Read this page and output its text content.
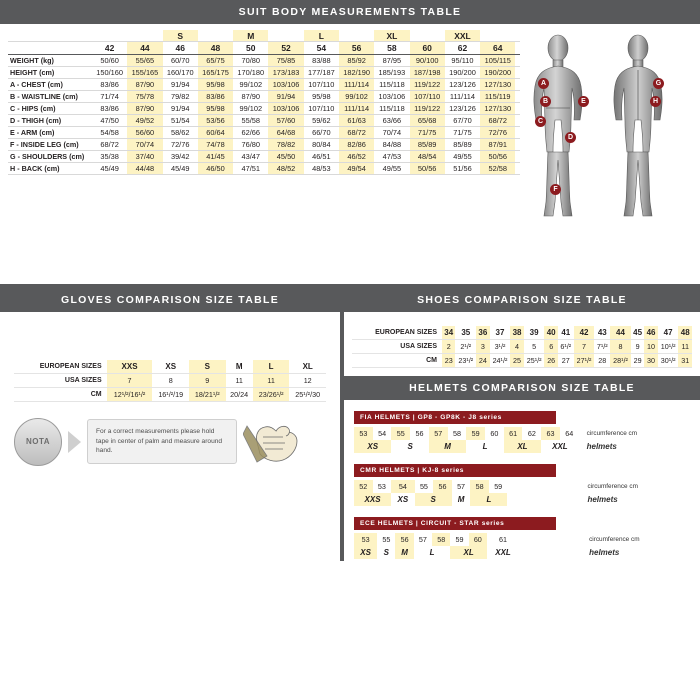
SUIT BODY MEASUREMENTS TABLE
			S		M		L		XL		XXL		
	42	44	46	48	50	52	54	56	58	60	62	64	
WEIGHT (kg)	50/60	55/65	60/70	65/75	70/80	75/85	83/88	85/92	87/95	90/100	95/110	105/115	
HEIGHT (cm)	150/160	155/165	160/170	165/175	170/180	173/183	177/187	182/190	185/193	187/198	190/200	190/200	
A - CHEST (cm)	83/86	87/90	91/94	95/98	99/102	103/106	107/110	111/114	115/118	119/122	123/126	127/130	
B - WAISTLINE (cm)	71/74	75/78	79/82	83/86	87/90	91/94	95/98	99/102	103/106	107/110	111/114	115/119	
C - HIPS (cm)	83/86	87/90	91/94	95/98	99/102	103/106	107/110	111/114	115/118	119/122	123/126	127/130	
D - THIGH (cm)	47/50	49/52	51/54	53/56	55/58	57/60	59/62	61/63	63/66	65/68	67/70	68/72	
E - ARM (cm)	54/58	56/60	58/62	60/64	62/66	64/68	66/70	68/72	70/74	71/75	71/75	72/76	
F - INSIDE LEG (cm)	68/72	70/74	72/76	74/78	76/80	78/82	80/84	82/86	84/88	85/89	85/89	87/91	
G - SHOULDERS (cm)	35/38	37/40	39/42	41/45	43/47	45/50	46/51	46/52	47/53	48/54	49/55	50/56	
H - BACK (cm)	45/49	44/48	45/49	46/50	47/51	48/52	48/53	49/54	49/55	50/56	51/56	52/58	
A
B
C
D
E
F
G
H
GLOVES COMPARISON SIZE TABLE
EUROPEAN SIZES	XXS	XS	S	M	L	XL
USA SIZES	7	8	9	11	11	12
CM	12¹/²/16¹/²	16¹/²/19	18/21¹/²	20/24	23/26¹/²	25¹/²/30
NOTA
For a correct measurements please hold tape in center of palm and measure around hand.
SHOES COMPARISON SIZE TABLE
EUROPEAN SIZES	34	35	36	37	38	39	40	41	42	43	44	45	46	47	48
USA SIZES	2	2¹/²	3	3¹/²	4	5	6	6¹/²	7	7¹/²	8	9	10	10¹/²	11
CM	23	23¹/²	24	24¹/²	25	25¹/²	26	27	27¹/²	28	28¹/²	29	30	30¹/²	31
HELMETS COMPARISON SIZE TABLE
FIA HELMETS | GP8 - GP8K - J8 series
53	54	55	56	57	58	59	60	61	62	63	64	circumference cm
XS		S		M		L		XL		XXL		helmets
CMR HELMETS | KJ-8 series
52	53	54	55	56	57	58	59		circumference cm
XXS		XS	S		M	L			helmets
ECE HELMETS | CIRCUIT - STAR series
53	55	56	57	58	59	60	61		circumference cm
XS	S	M	L		XL		XXL		helmets
